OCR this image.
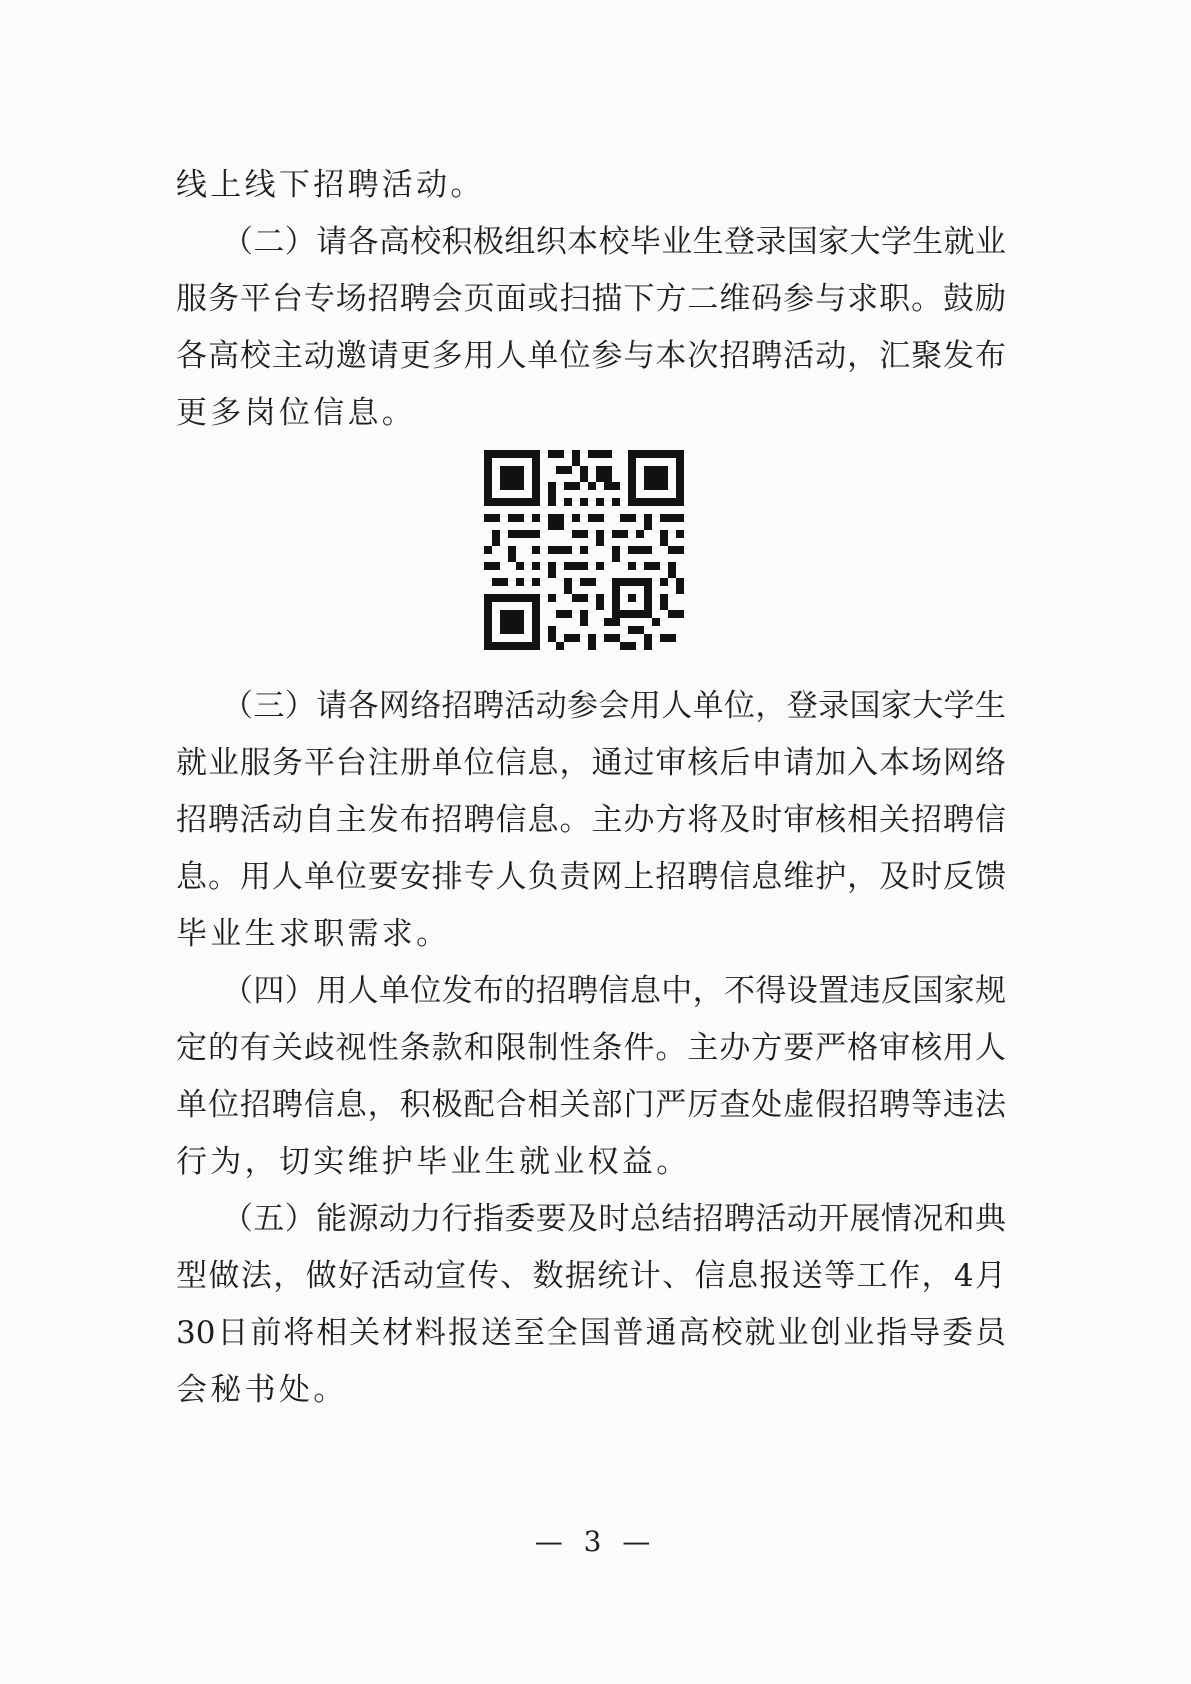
线上线下招聘活动。
（二）请各高校积极组织本校毕业生登录国家大学生就业
服务平台专场招聘会页面或扫描下方二维码参与求职。鼓励
各高校主动邀请更多用人单位参与本次招聘活动，汇聚发布
更多岗位信息。
（三）请各网络招聘活动参会用人单位，登录国家大学生
就业服务平台注册单位信息，通过审核后申请加入本场网络
招聘活动自主发布招聘信息。主办方将及时审核相关招聘信
息。用人单位要安排专人负责网上招聘信息维护，及时反馈
毕业生求职需求。
（四）用人单位发布的招聘信息中，不得设置违反国家规
定的有关歧视性条款和限制性条件。主办方要严格审核用人
单位招聘信息，积极配合相关部门严厉查处虚假招聘等违法
行为，切实维护毕业生就业权益。
（五）能源动力行指委要及时总结招聘活动开展情况和典
型做法，做好活动宣传、数据统计、信息报送等工作，4月
30日前将相关材料报送至全国普通高校就业创业指导委员
会秘书处。
— 3 —
